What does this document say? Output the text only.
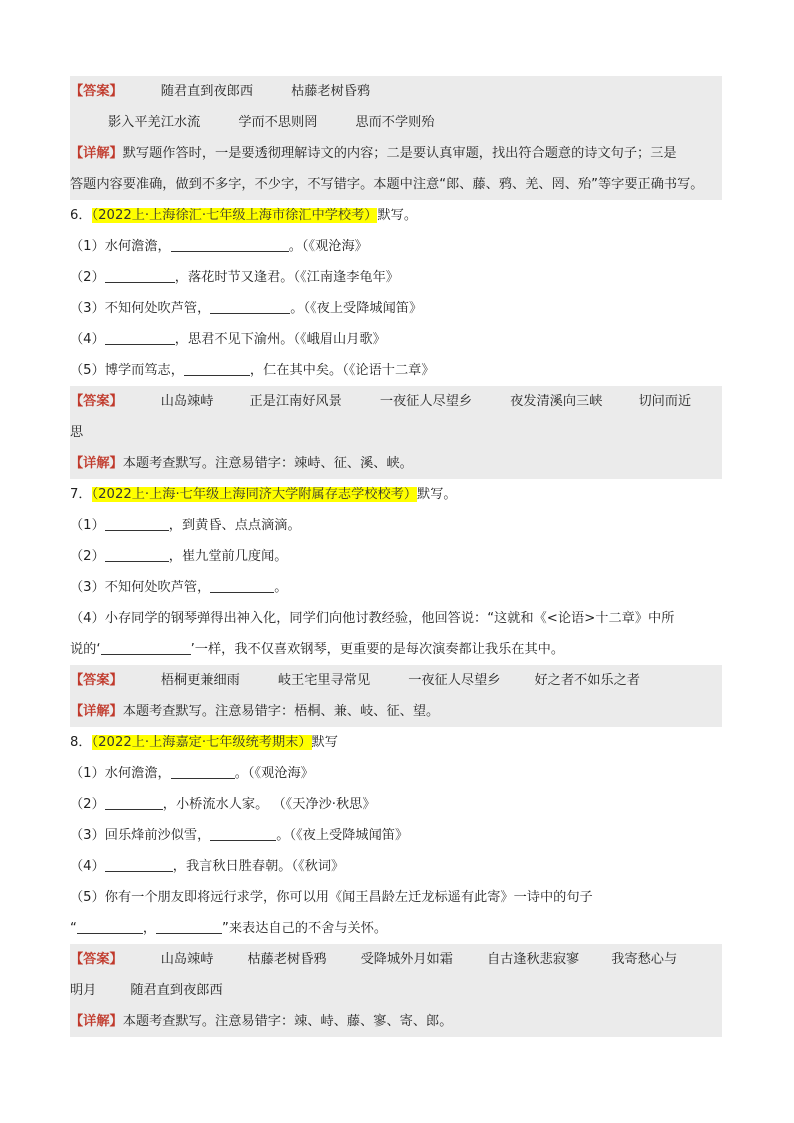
【答案】	随君直到夜郎西	枯藤老树昏鸦
影入平羌江水流	学而不思则罔	思而不学则殆
【详解】默写题作答时，一是要透彻理解诗文的内容；二是要认真审题，找出符合题意的诗文句子；三是
答题内容要准确，做到不多字，不少字，不写错字。本题中注意“郎、藤、鸦、羌、罔、殆”等字要正确书写。
6．（2022上·上海徐汇·七年级上海市徐汇中学校考）默写。
（1）水何澹澹，	。（《观沧海》
（2）	，落花时节又逢君。（《江南逢李龟年》
（3）不知何处吹芦管，	。（《夜上受降城闻笛》
（4）	，思君不见下渝州。（《峨眉山月歌》
（5）博学而笃志，	，仁在其中矣。（《论语十二章》
【答案】	山岛竦峙	正是江南好风景	一夜征人尽望乡	夜发清溪向三峡	切问而近
思
【详解】本题考查默写。注意易错字：竦峙、征、溪、峡。
7．（2022上·上海·七年级上海同济大学附属存志学校校考）默写。
（1）	，到黄昏、点点滴滴。
（2）	，崔九堂前几度闻。
（3）不知何处吹芦管，	。
（4）小存同学的钢琴弹得出神入化，同学们向他讨教经验，他回答说：“这就和《<论语>十二章》中所
说的‘	’一样，我不仅喜欢钢琴，更重要的是每次演奏都让我乐在其中。
【答案】	梧桐更兼细雨	岐王宅里寻常见	一夜征人尽望乡	好之者不如乐之者
【详解】本题考查默写。注意易错字：梧桐、兼、岐、征、望。
8．（2022上·上海嘉定·七年级统考期末）默写
（1）水何澹澹，	。（《观沧海》
（2）	，小桥流水人家。 （《天净沙·秋思》
（3）回乐烽前沙似雪，	。（《夜上受降城闻笛》
（4）	，我言秋日胜春朝。（《秋词》
（5）你有一个朋友即将远行求学，你可以用《闻王昌龄左迁龙标遥有此寄》一诗中的句子
“	，	”来表达自己的不舍与关怀。
【答案】	山岛竦峙	枯藤老树昏鸦	受降城外月如霜	自古逢秋悲寂寥 我寄愁心与
明月	随君直到夜郎西
【详解】本题考查默写。注意易错字：竦、峙、藤、寥、寄、郎。
